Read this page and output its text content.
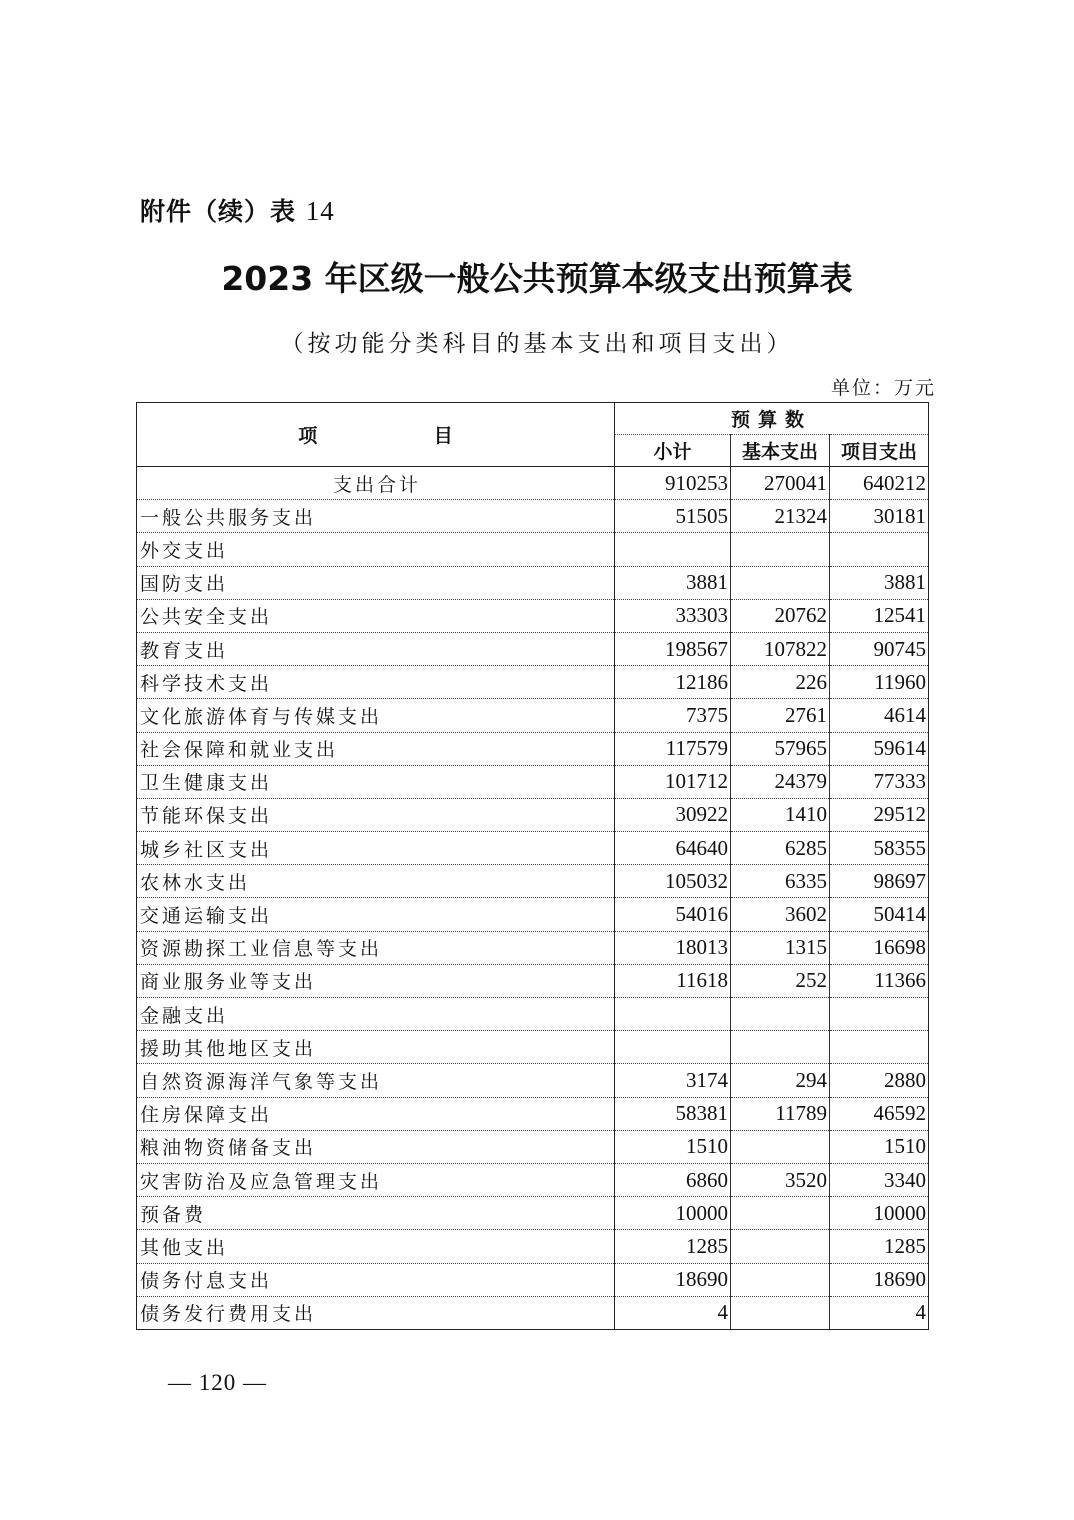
附件（续）表 14
2023 年区级一般公共预算本级支出预算表
（按功能分类科目的基本支出和项目支出）
单位：万元
项 目	预算数		
	小计	基本支出	项目支出
支出合计	910253	270041	640212
一般公共服务支出	51505	21324	30181
外交支出			
国防支出	3881		3881
公共安全支出	33303	20762	12541
教育支出	198567	107822	90745
科学技术支出	12186	226	11960
文化旅游体育与传媒支出	7375	2761	4614
社会保障和就业支出	117579	57965	59614
卫生健康支出	101712	24379	77333
节能环保支出	30922	1410	29512
城乡社区支出	64640	6285	58355
农林水支出	105032	6335	98697
交通运输支出	54016	3602	50414
资源勘探工业信息等支出	18013	1315	16698
商业服务业等支出	11618	252	11366
金融支出			
援助其他地区支出			
自然资源海洋气象等支出	3174	294	2880
住房保障支出	58381	11789	46592
粮油物资储备支出	1510		1510
灾害防治及应急管理支出	6860	3520	3340
预备费	10000		10000
其他支出	1285		1285
债务付息支出	18690		18690
债务发行费用支出	4		4
— 120 —
